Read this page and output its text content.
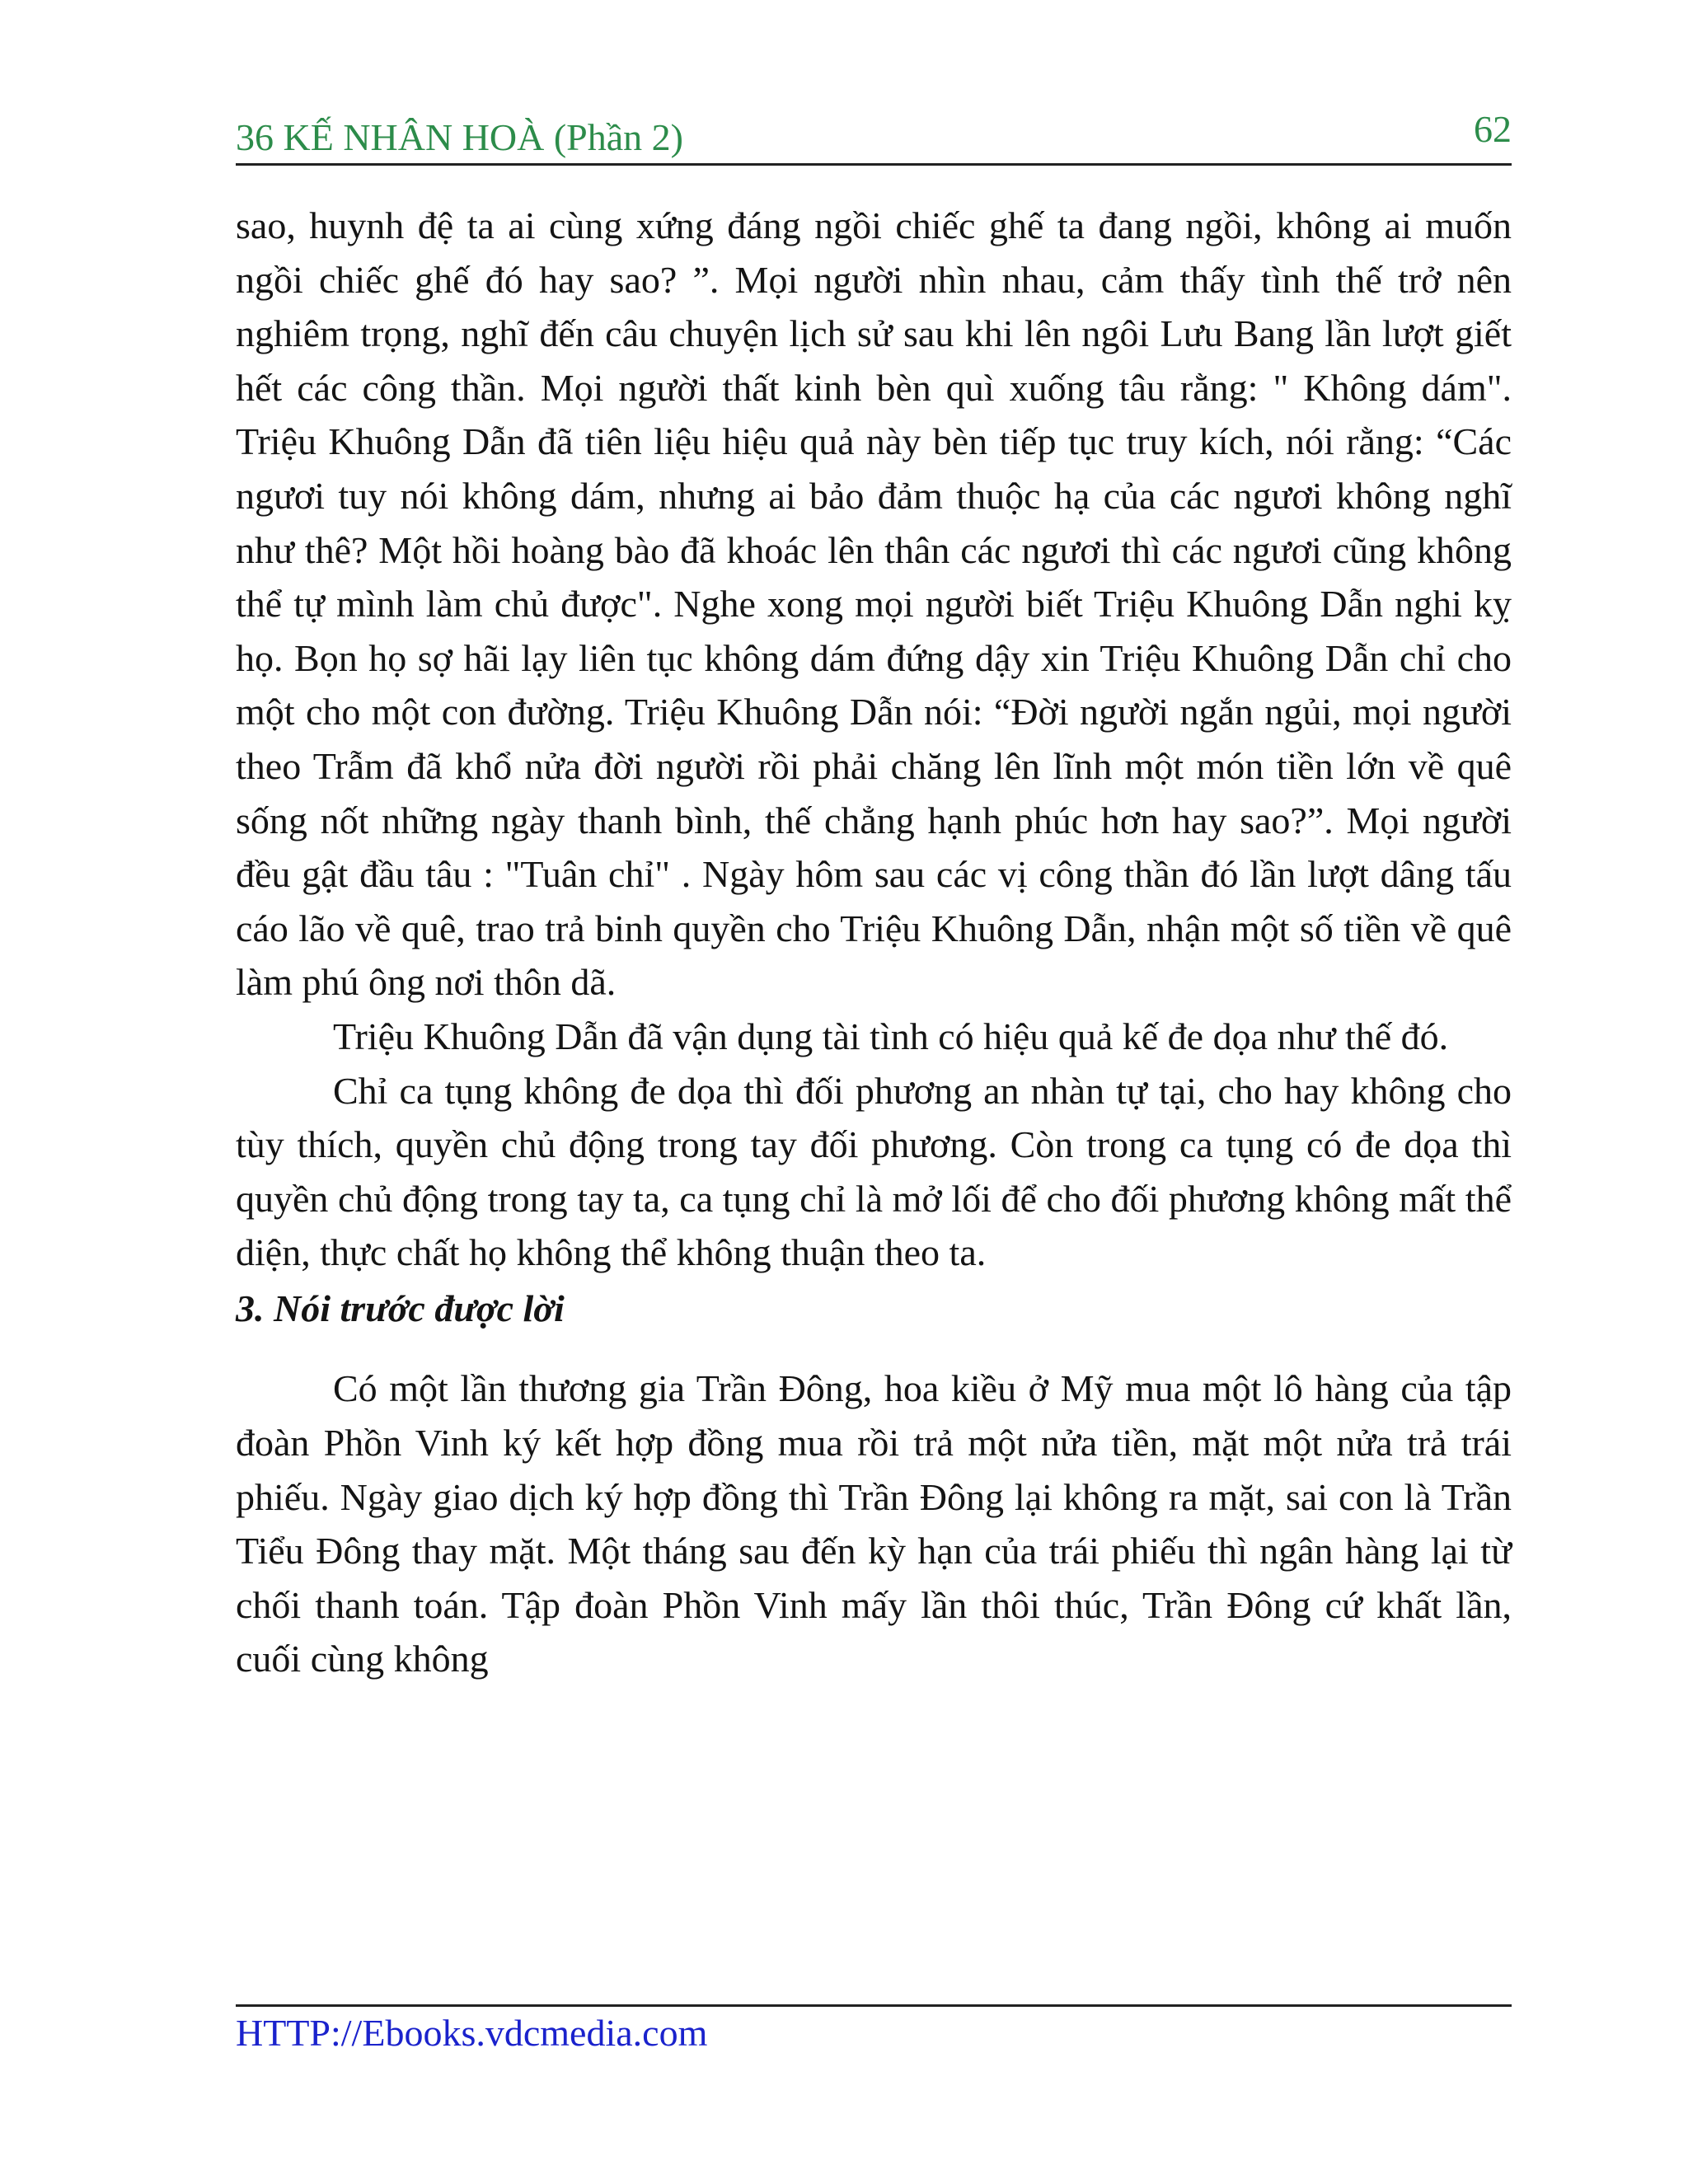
36 KẾ NHÂN HOÀ (Phần 2)	62

sao, huynh đệ ta ai cùng xứng đáng ngồi chiếc ghế ta đang ngồi, không ai muốn ngồi chiếc ghế đó hay sao? ”. Mọi người nhìn nhau, cảm thấy tình thế trở nên nghiêm trọng, nghĩ đến câu chuyện lịch sử sau khi lên ngôi Lưu Bang lần lượt giết hết các công thần. Mọi người thất kinh bèn quì xuống tâu rằng: " Không dám". Triệu Khuông Dẫn đã tiên liệu hiệu quả này bèn tiếp tục truy kích, nói rằng: “Các ngươi tuy nói không dám, nhưng ai bảo đảm thuộc hạ của các ngươi không nghĩ như thê? Một hồi hoàng bào đã khoác lên thân các ngươi thì các ngươi cũng không thể tự mình làm chủ được". Nghe xong mọi người biết Triệu Khuông Dẫn nghi kỵ họ. Bọn họ sợ hãi lạy liên tục không dám đứng dậy xin Triệu Khuông Dẫn chỉ cho một cho một con đường. Triệu Khuông Dẫn nói: “Đời người ngắn ngủi, mọi người theo Trẫm đã khổ nửa đời người rồi phải chăng lên lĩnh một món tiền lớn về quê sống nốt những ngày thanh bình, thế chẳng hạnh phúc hơn hay sao?”. Mọi người đều gật đầu tâu : "Tuân chỉ" . Ngày hôm sau các vị công thần đó lần lượt dâng tấu cáo lão về quê, trao trả binh quyền cho Triệu Khuông Dẫn, nhận một số tiền về quê làm phú ông nơi thôn dã.

Triệu Khuông Dẫn đã vận dụng tài tình có hiệu quả kế đe dọa như thế đó.

Chỉ ca tụng không đe dọa thì đối phương an nhàn tự tại, cho hay không cho tùy thích, quyền chủ động trong tay đối phương. Còn trong ca tụng có đe dọa thì quyền chủ động trong tay ta, ca tụng chỉ là mở lối để cho đối phương không mất thể diện, thực chất họ không thể không thuận theo ta.

3. Nói trước được lời

Có một lần thương gia Trần Đông, hoa kiều ở Mỹ mua một lô hàng của tập đoàn Phồn Vinh ký kết hợp đồng mua rồi trả một nửa tiền, mặt một nửa trả trái phiếu. Ngày giao dịch ký hợp đồng thì Trần Đông lại không ra mặt, sai con là Trần Tiểu Đông thay mặt. Một tháng sau đến kỳ hạn của trái phiếu thì ngân hàng lại từ chối thanh toán. Tập đoàn Phồn Vinh mấy lần thôi thúc, Trần Đông cứ khất lần, cuối cùng không

HTTP://Ebooks.vdcmedia.com
